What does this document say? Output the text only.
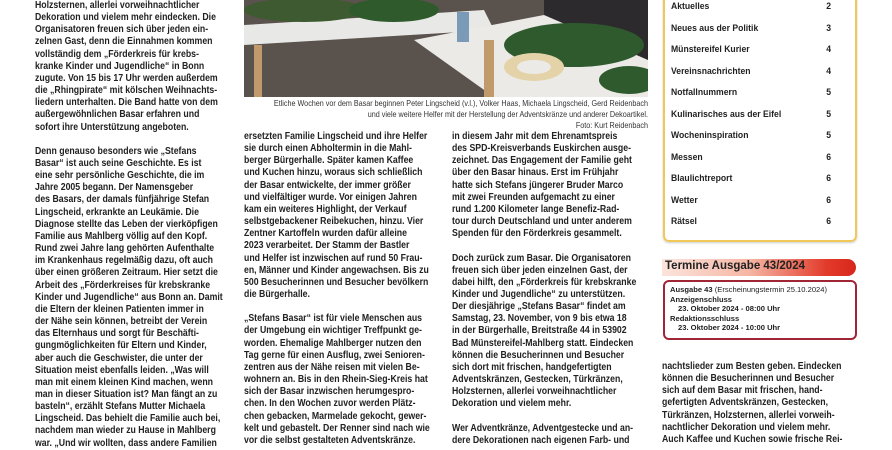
Holzsternen, allerlei vorweihnachtlicher
Dekoration und vielem mehr eindecken. Die
Organisatoren freuen sich über jeden ein-
zelnen Gast, denn die Einnahmen kommen
vollständig dem „Förderkreis für krebs-
kranke Kinder und Jugendliche“ in Bonn
zugute. Von 15 bis 17 Uhr werden außerdem
die „Rhingpirate“ mit kölschen Weihnachts-
liedern unterhalten. Die Band hatte von dem
außergewöhnlichen Basar erfahren und
sofort ihre Unterstützung angeboten.
Denn genauso besonders wie „Stefans
Basar“ ist auch seine Geschichte. Es ist
eine sehr persönliche Geschichte, die im
Jahre 2005 begann. Der Namensgeber
des Basars, der damals fünfjährige Stefan
Lingscheid, erkrankte an Leukämie. Die
Diagnose stellte das Leben der vierköpfigen
Familie aus Mahlberg völlig auf den Kopf.
Rund zwei Jahre lang gehörten Aufenthalte
im Krankenhaus regelmäßig dazu, oft auch
über einen größeren Zeitraum. Hier setzt die
Arbeit des „Förderkreises für krebskranke
Kinder und Jugendliche“ aus Bonn an. Damit
die Eltern der kleinen Patienten immer in
der Nähe sein können, betreibt der Verein
das Elternhaus und sorgt für Beschäfti-
gungmöglichkeiten für Eltern und Kinder,
aber auch die Geschwister, die unter der
Situation meist ebenfalls leiden. „Was will
man mit einem kleinen Kind machen, wenn
man in dieser Situation ist? Man fängt an zu
basteln“, erzählt Stefans Mutter Michaela
Lingscheid. Das behielt die Familie auch bei,
nachdem man wieder zu Hause in Mahlberg
war. „Und wir wollten, dass andere Familien
ersetzten Familie Lingscheid und ihre Helfer
sie durch einen Abholtermin in die Mahl-
berger Bürgerhalle. Später kamen Kaffee
und Kuchen hinzu, woraus sich schließlich
der Basar entwickelte, der immer größer
und vielfältiger wurde. Vor einigen Jahren
kam ein weiteres Highlight, der Verkauf
selbstgebackener Reibekuchen, hinzu. Vier
Zentner Kartoffeln wurden dafür alleine
2023 verarbeitet. Der Stamm der Bastler
und Helfer ist inzwischen auf rund 50 Frau-
en, Männer und Kinder angewachsen. Bis zu
500 Besucherinnen und Besucher bevölkern
die Bürgerhalle.
„Stefans Basar“ ist für viele Menschen aus
der Umgebung ein wichtiger Treffpunkt ge-
worden. Ehemalige Mahlberger nutzen den
Tag gerne für einen Ausflug, zwei Senioren-
zentren aus der Nähe reisen mit vielen Be-
wohnern an. Bis in den Rhein-Sieg-Kreis hat
sich der Basar inzwischen herumgespro-
chen. In den Wochen zuvor werden Plätz-
chen gebacken, Marmelade gekocht, gewer-
kelt und gebastelt. Der Renner sind nach wie
vor die selbst gestalteten Adventskränze.
in diesem Jahr mit dem Ehrenamtspreis
des SPD-Kreisverbands Euskirchen ausge-
zeichnet. Das Engagement der Familie geht
über den Basar hinaus. Erst im Frühjahr
hatte sich Stefans jüngerer Bruder Marco
mit zwei Freunden aufgemacht zu einer
rund 1.200 Kilometer lange Benefiz-Rad-
tour durch Deutschland und unter anderem
Spenden für den Förderkreis gesammelt.
Doch zurück zum Basar. Die Organisatoren
freuen sich über jeden einzelnen Gast, der
dabei hilft, den „Förderkreis für krebskranke
Kinder und Jugendliche“ zu unterstützen.
Der diesjährige „Stefans Basar“ findet am
Samstag, 23. November, von 9 bis etwa 18
in der Bürgerhalle, Breitstraße 44 in 53902
Bad Münstereifel-Mahlberg statt. Eindecken
können die Besucherinnen und Besucher
sich dort mit frischen, handgefertigten
Adventskränzen, Gestecken, Türkränzen,
Holzsternen, allerlei vorweihnachtlicher
Dekoration und vielem mehr.
Wer Adventkränze, Adventgestecke und an-
dere Dekorationen nach eigenen Farb- und
nachtslieder zum Besten geben. Eindecken
können die Besucherinnen und Besucher
sich auf dem Basar mit frischen, hand-
gefertigten Adventskränzen, Gestecken,
Türkränzen, Holzsternen, allerlei vorweih-
nachtlicher Dekoration und vielem mehr.
Auch Kaffee und Kuchen sowie frische Rei-
Etliche Wochen vor dem Basar beginnen Peter Lingscheid (v.l.), Volker Haas, Michaela Lingscheid, Gerd Reidenbach
und viele weitere Helfer mit der Herstellung der Adventskränze und anderer Dekoartikel.
Foto: Kurt Reidenbach
Aktuelles	2
Neues aus der Politik	3
Münstereifel Kurier	4
Vereinsnachrichten	4
Notfallnummern	5
Kulinarisches aus der Eifel	5
Wocheninspiration	5
Messen	6
Blaulichtreport	6
Wetter	6
Rätsel	6
Termine Ausgabe 43/2024
Ausgabe 43 (Erscheinungstermin 25.10.2024)
Anzeigenschluss
23. Oktober 2024 - 08:00 Uhr
Redaktionsschluss
23. Oktober 2024 - 10:00 Uhr
